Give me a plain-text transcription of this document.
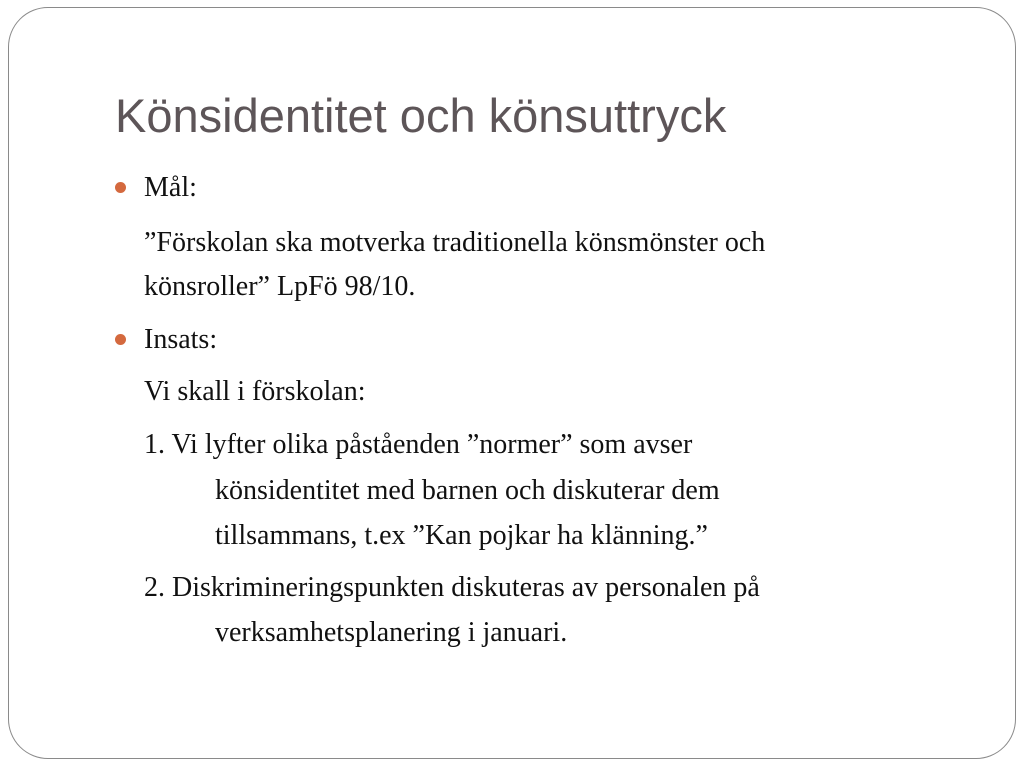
Könsidentitet och könsuttryck

Mål:

”Förskolan ska motverka traditionella könsmönster och

könsroller” LpFö 98/10.

Insats:

Vi skall i förskolan:

1. Vi lyfter olika påståenden ”normer” som avser

könsidentitet med barnen och diskuterar dem

tillsammans, t.ex ”Kan pojkar ha klänning.”

2. Diskrimineringspunkten diskuteras av personalen på

verksamhetsplanering i januari.
